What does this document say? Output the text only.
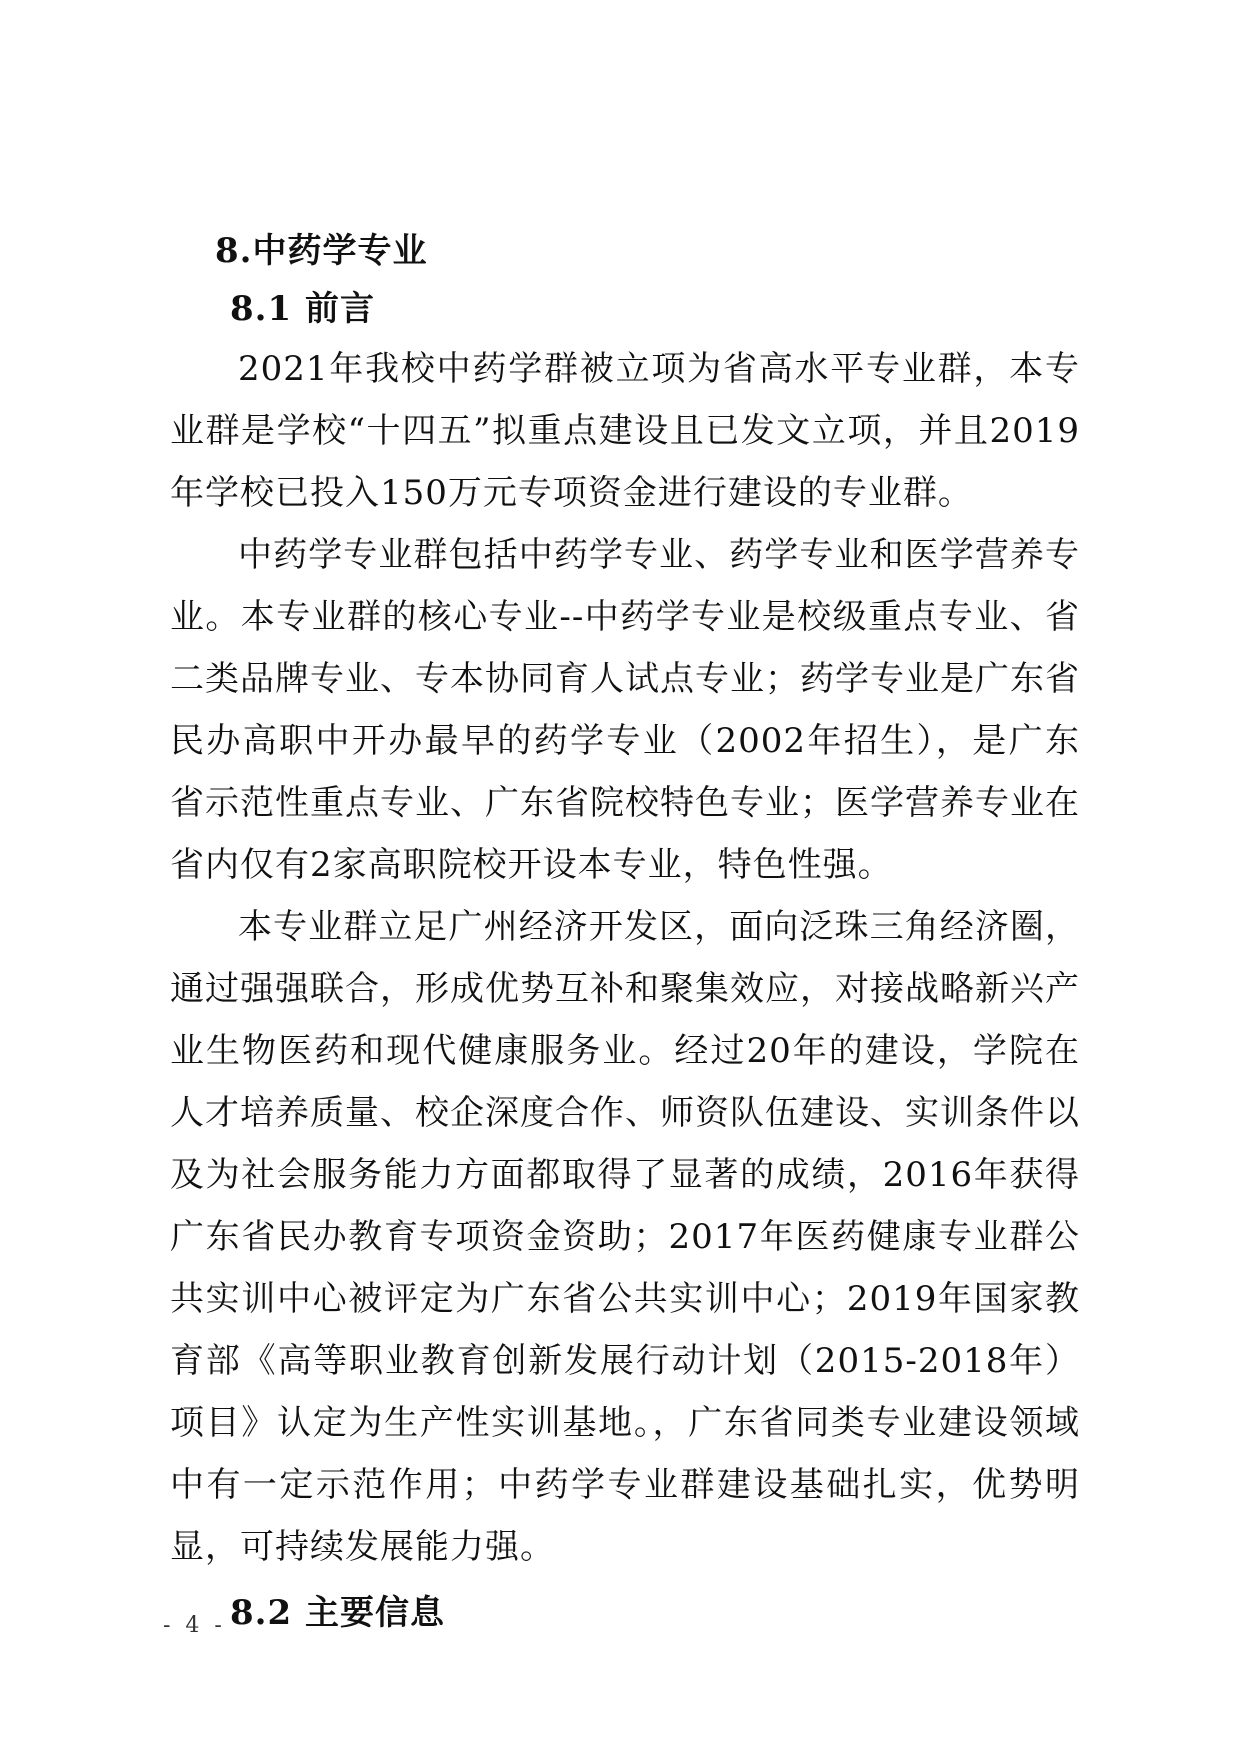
8.中药学专业
8.1 前言

2021年我校中药学群被立项为省高水平专业群，本专业群是学校“十四五”拟重点建设且已发文立项，并且2019年学校已投入150万元专项资金进行建设的专业群。

中药学专业群包括中药学专业、药学专业和医学营养专业。本专业群的核心专业--中药学专业是校级重点专业、省二类品牌专业、专本协同育人试点专业；药学专业是广东省民办高职中开办最早的药学专业（2002年招生），是广东省示范性重点专业、广东省院校特色专业；医学营养专业在省内仅有2家高职院校开设本专业，特色性强。

本专业群立足广州经济开发区，面向泛珠三角经济圈，通过强强联合，形成优势互补和聚集效应，对接战略新兴产业生物医药和现代健康服务业。经过20年的建设，学院在人才培养质量、校企深度合作、师资队伍建设、实训条件以及为社会服务能力方面都取得了显著的成绩，2016年获得广东省民办教育专项资金资助；2017年医药健康专业群公共实训中心被评定为广东省公共实训中心；2019年国家教育部《高等职业教育创新发展行动计划（2015-2018年）项目》认定为生产性实训基地。，广东省同类专业建设领域中有一定示范作用；中药学专业群建设基础扎实，优势明显，可持续发展能力强。

8.2 主要信息
- 4 -
